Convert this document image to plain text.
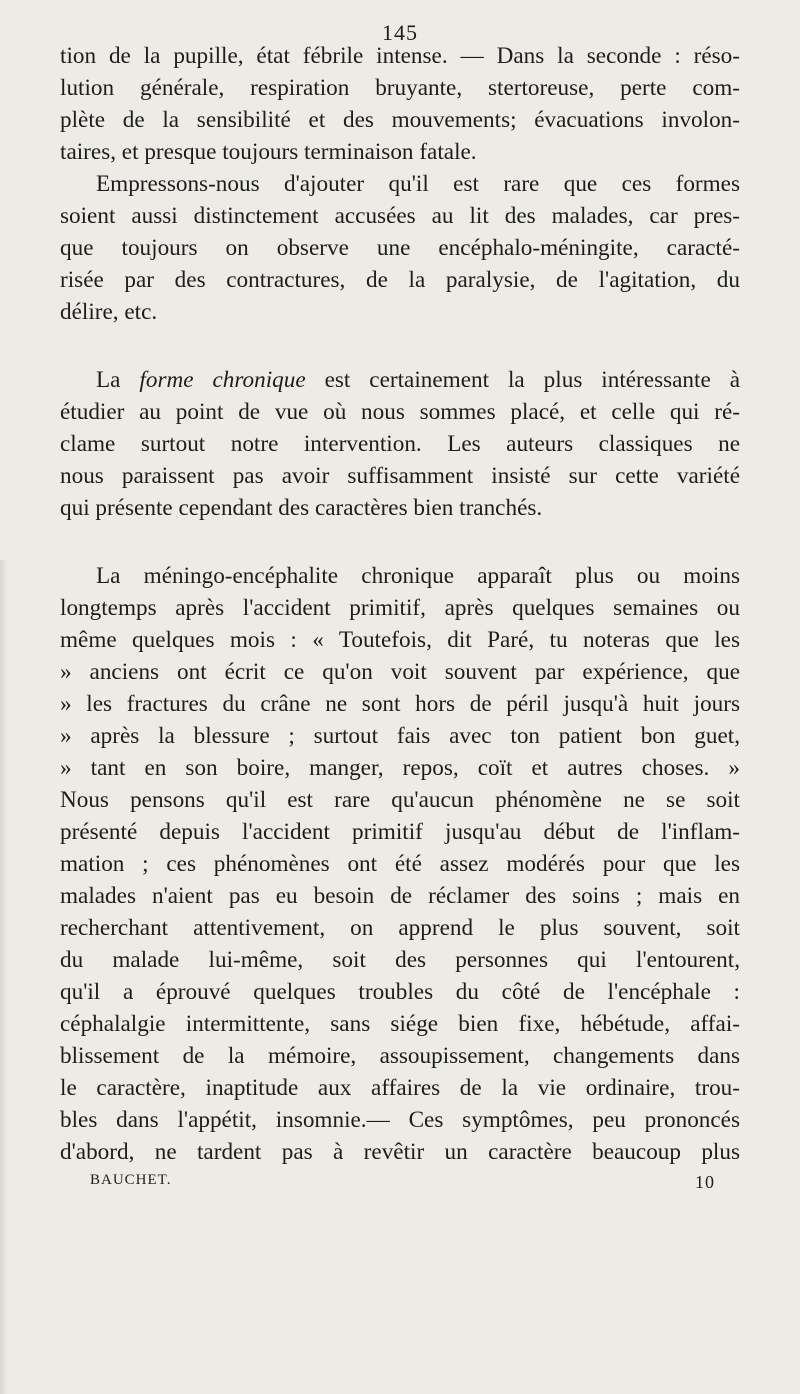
145

tion de la pupille, état fébrile intense. — Dans la seconde : réso-
lution générale, respiration bruyante, stertoreuse, perte com-
plète de la sensibilité et des mouvements; évacuations involon-
taires, et presque toujours terminaison fatale.

Empressons-nous d'ajouter qu'il est rare que ces formes
soient aussi distinctement accusées au lit des malades, car pres-
que toujours on observe une encéphalo-méningite, caracté-
risée par des contractures, de la paralysie, de l'agitation, du
délire, etc.

La forme chronique est certainement la plus intéressante à
étudier au point de vue où nous sommes placé, et celle qui ré-
clame surtout notre intervention. Les auteurs classiques ne
nous paraissent pas avoir suffisamment insisté sur cette variété
qui présente cependant des caractères bien tranchés.

La méningo-encéphalite chronique apparaît plus ou moins
longtemps après l'accident primitif, après quelques semaines ou
même quelques mois : « Toutefois, dit Paré, tu noteras que les
» anciens ont écrit ce qu'on voit souvent par expérience, que
» les fractures du crâne ne sont hors de péril jusqu'à huit jours
» après la blessure ; surtout fais avec ton patient bon guet,
» tant en son boire, manger, repos, coït et autres choses. »
Nous pensons qu'il est rare qu'aucun phénomène ne se soit
présenté depuis l'accident primitif jusqu'au début de l'inflam-
mation ; ces phénomènes ont été assez modérés pour que les
malades n'aient pas eu besoin de réclamer des soins ; mais en
recherchant attentivement, on apprend le plus souvent, soit
du malade lui-même, soit des personnes qui l'entourent,
qu'il a éprouvé quelques troubles du côté de l'encéphale :
céphalalgie intermittente, sans siége bien fixe, hébétude, affai-
blissement de la mémoire, assoupissement, changements dans
le caractère, inaptitude aux affaires de la vie ordinaire, trou-
bles dans l'appétit, insomnie.— Ces symptômes, peu prononcés
d'abord, ne tardent pas à revêtir un caractère beaucoup plus

BAUCHET.	10
